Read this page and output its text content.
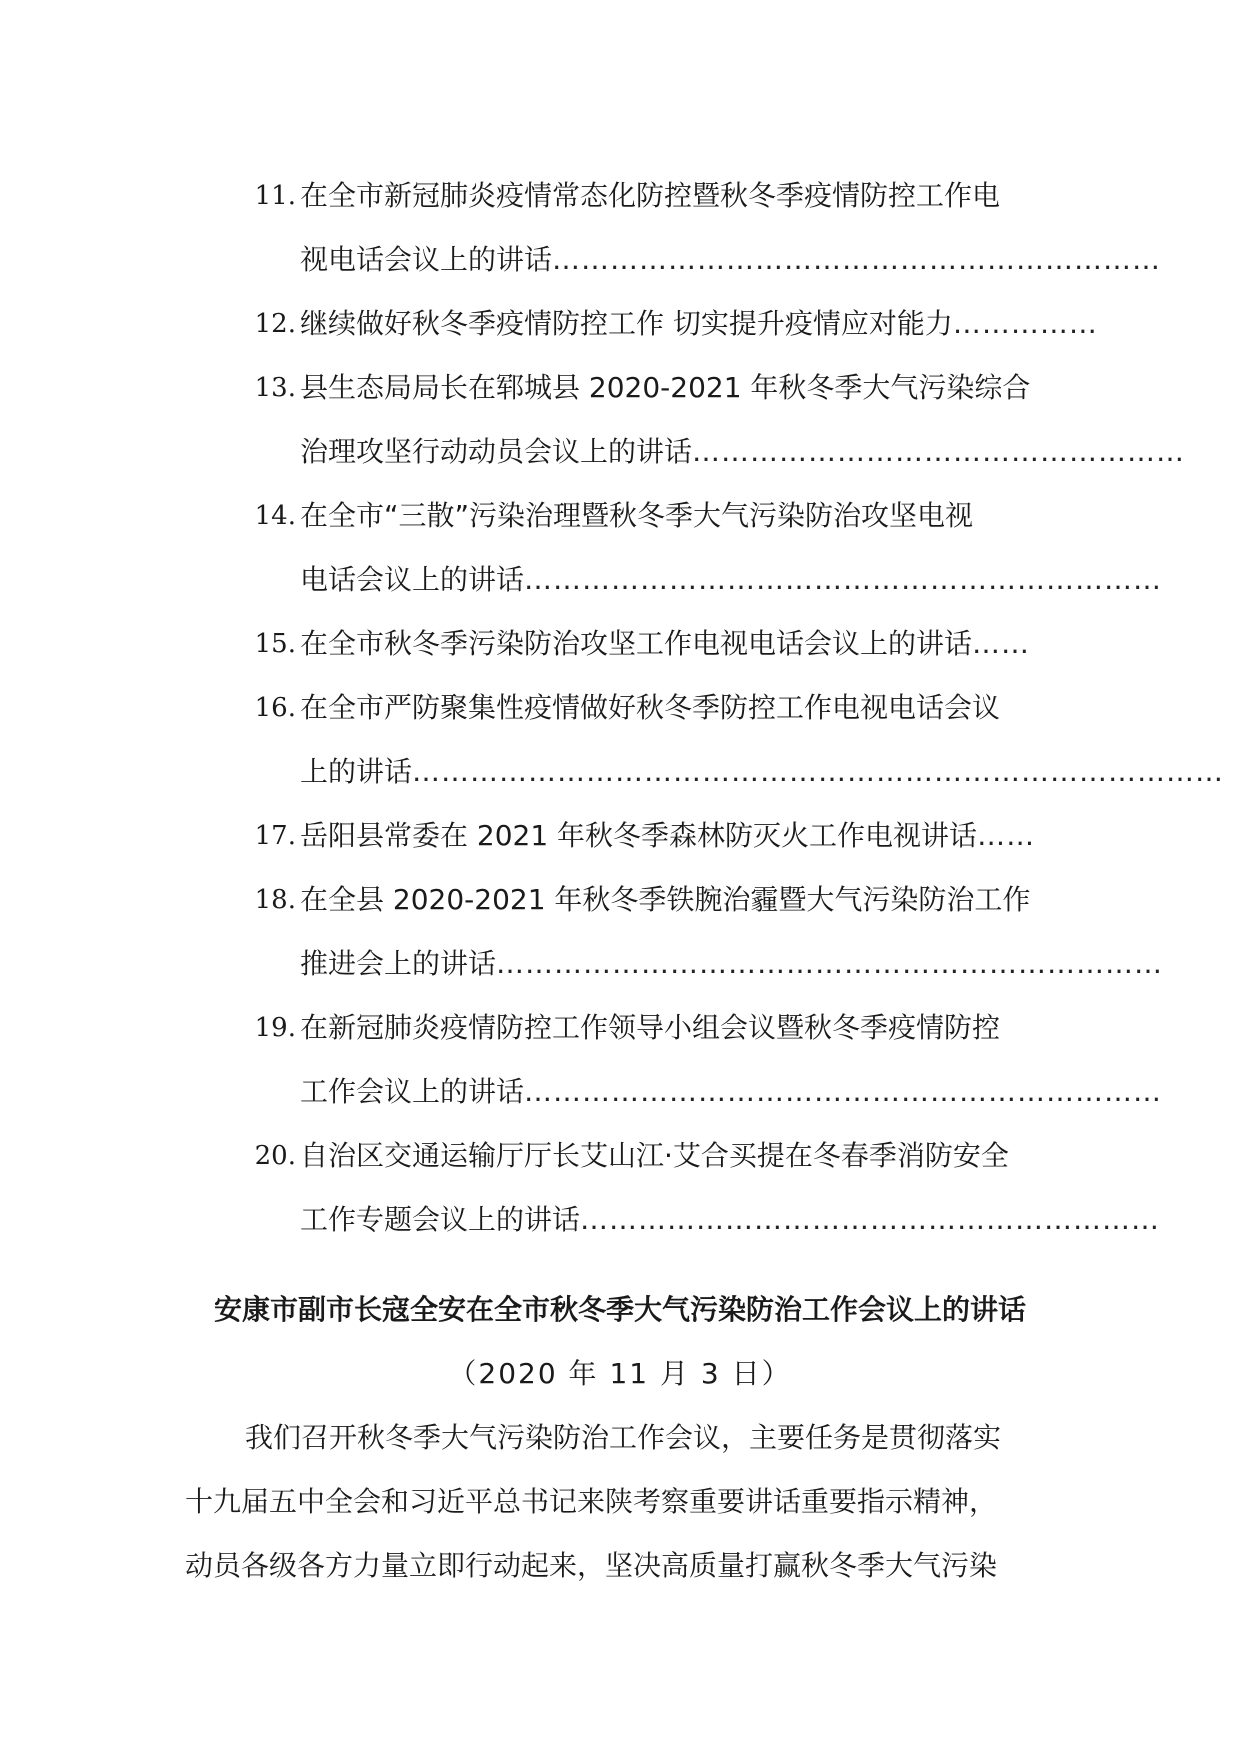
11. 在全市新冠肺炎疫情常态化防控暨秋冬季疫情防控工作电
视电话会议上的讲话………………………………………………………
12. 继续做好秋冬季疫情防控工作 切实提升疫情应对能力……………
13. 县生态局局长在郓城县 2020-2021 年秋冬季大气污染综合
治理攻坚行动动员会议上的讲话……………………………………………
14. 在全市“三散”污染治理暨秋冬季大气污染防治攻坚电视
电话会议上的讲话…………………………………………………………
15. 在全市秋冬季污染防治攻坚工作电视电话会议上的讲话……
16. 在全市严防聚集性疫情做好秋冬季防控工作电视电话会议
上的讲话…………………………………………………………………………
17. 岳阳县常委在 2021 年秋冬季森林防灭火工作电视讲话……
18. 在全县 2020-2021 年秋冬季铁腕治霾暨大气污染防治工作
推进会上的讲话……………………………………………………………
19. 在新冠肺炎疫情防控工作领导小组会议暨秋冬季疫情防控
工作会议上的讲话…………………………………………………………
20. 自治区交通运输厅厅长艾山江·艾合买提在冬春季消防安全
工作专题会议上的讲话……………………………………………………
安康市副市长寇全安在全市秋冬季大气污染防治工作会议上的讲话
（2020 年 11 月 3 日）
我们召开秋冬季大气污染防治工作会议，主要任务是贯彻落实
十九届五中全会和习近平总书记来陕考察重要讲话重要指示精神，
动员各级各方力量立即行动起来，坚决高质量打赢秋冬季大气污染
